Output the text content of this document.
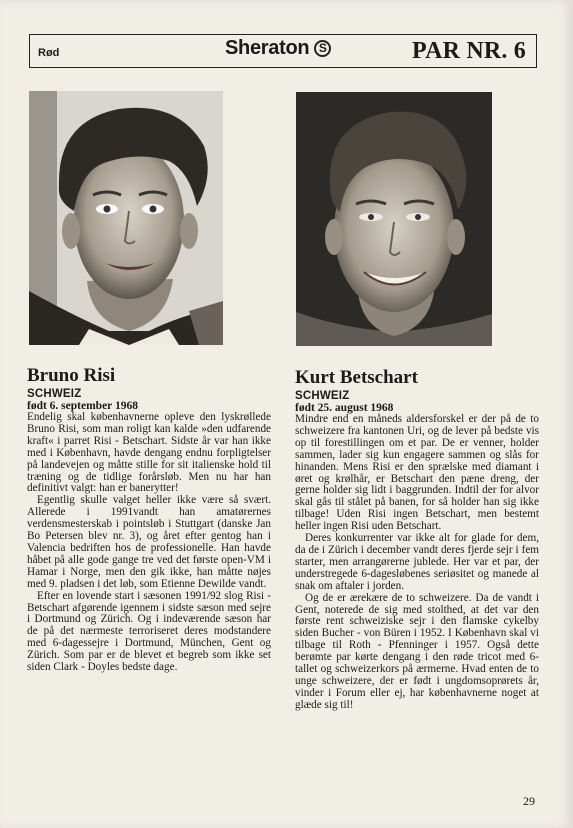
Rød	Sheraton S	PAR NR. 6
Bruno Risi
SCHWEIZ
født 6. september 1968

Endelig skal københavnerne opleve den lyskrøllede Bruno Risi, som man roligt kan kalde »den udfarende kraft« i parret Risi - Betschart. Sidste år var han ikke med i København, havde dengang endnu forpligtelser på landevejen og måtte stille for sit italienske hold til træning og de tidlige forårsløb. Men nu har han definitivt valgt: han er banerytter!

Egentlig skulle valget heller ikke være så svært. Allerede i 1991vandt han amatørernes verdensmesterskab i pointsløb i Stuttgart (danske Jan Bo Petersen blev nr. 3), og året efter gentog han i Valencia bedriften hos de professionelle. Han havde håbet på alle gode gange tre ved det første open-VM i Hamar i Norge, men den gik ikke, han måtte nøjes med 9. pladsen i det løb, som Etienne Dewilde vandt.

Efter en lovende start i sæsonen 1991/92 slog Risi - Betschart afgørende igennem i sidste sæson med sejre i Dortmund og Zürich. Og i indeværende sæson har de på det nærmeste terroriseret deres modstandere med 6-dagessejre i Dortmund, München, Gent og Zürich. Som par er de blevet et begreb som ikke set siden Clark - Doyles bedste dage.

Kurt Betschart
SCHWEIZ
født 25. august 1968

Mindre end en måneds aldersforskel er der på de to schweizere fra kantonen Uri, og de lever på bedste vis op til forestillingen om et par. De er venner, holder sammen, lader sig kun engagere sammen og slås for hinanden. Mens Risi er den sprælske med diamant i øret og krølhår, er Betschart den pæne dreng, der gerne holder sig lidt i baggrunden. Indtil der for alvor skal gås til stålet på banen, for så holder han sig ikke tilbage! Uden Risi ingen Betschart, men bestemt heller ingen Risi uden Betschart.

Deres konkurrenter var ikke alt for glade for dem, da de i Zürich i december vandt deres fjerde sejr i fem starter, men arrangørerne jublede. Her var et par, der understregede 6-dagesløbenes seriøsitet og manede al snak om aftaler i jorden.

Og de er ærekære de to schweizere. Da de vandt i Gent, noterede de sig med stolthed, at det var den første rent schweiziske sejr i den flamske cykelby siden Bucher - von Büren i 1952. I København skal vi tilbage til Roth - Pfenninger i 1957. Også dette berømte par kørte dengang i den røde tricot med 6-tallet og schweizerkors på ærmerne. Hvad enten de to unge schweizere, der er født i ungdomsoprørets år, vinder i Forum eller ej, har københavnerne noget at glæde sig til!

29
